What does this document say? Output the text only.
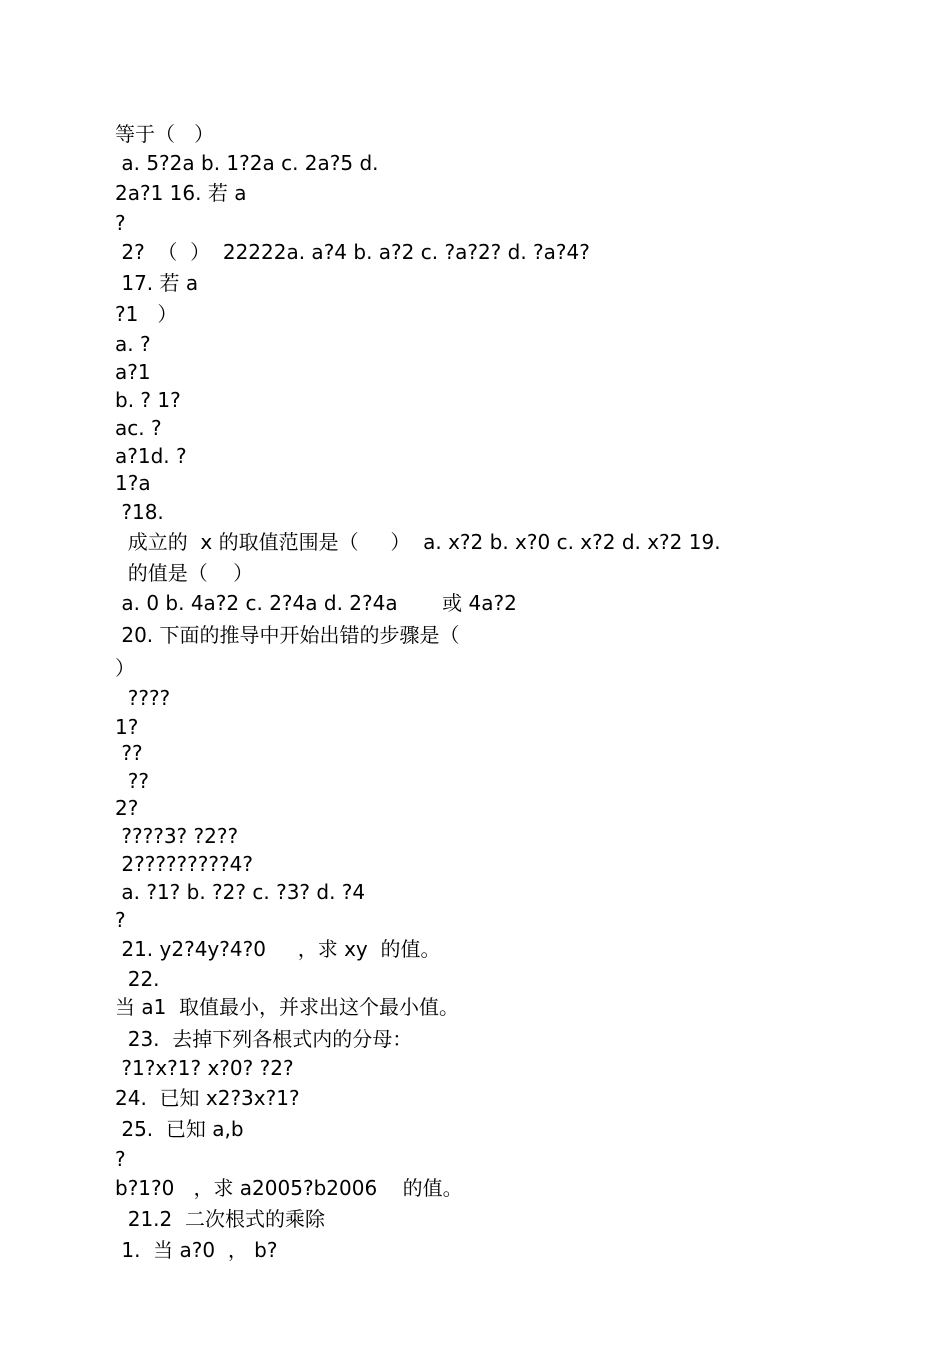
等于（   ）
a. 5?2a b. 1?2a c. 2a?5 d.
2a?1 16. 若 a
?
2?  （  ）  22222a. a?4 b. a?2 c. ?a?2? d. ?a?4?
17. 若 a
?1   ）
a. ?
a?1
b. ? 1?
ac. ?
a?1d. ?
1?a
?18.
成立的  x 的取值范围是（     ）  a. x?2 b. x?0 c. x?2 d. x?2 19.
的值是（    ）
a. 0 b. 4a?2 c. 2?4a d. 2?4a       或 4a?2
20. 下面的推导中开始出错的步骤是（
）
????
1?
??
??
2?
????3? ?2??
2?????????4?
a. ?1? b. ?2? c. ?3? d. ?4
?
21. y2?4y?4?0     ，求 xy  的值。
22.
当 a1  取值最小，并求出这个最小值。
23.  去掉下列各根式内的分母：
?1?x?1? x?0? ?2?
24.  已知 x2?3x?1?
25.  已知 a,b
?
b?1?0   ，求 a2005?b2006    的值。
21.2  二次根式的乘除
1.  当 a?0  ， b?
